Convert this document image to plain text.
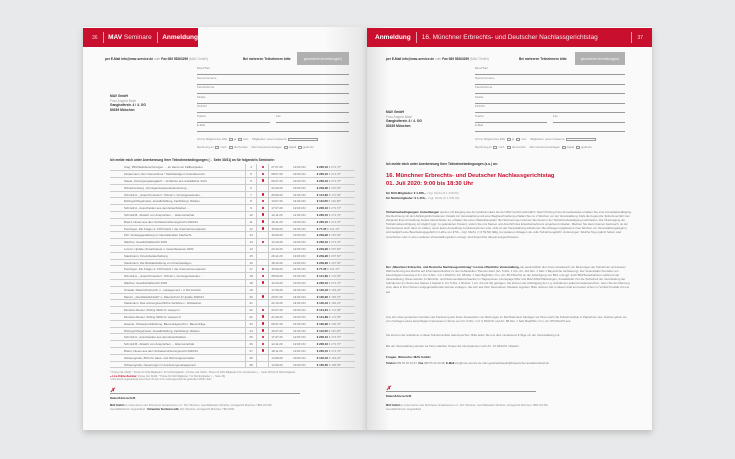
36 MAV
Seminare Anmeldung
per E-Mail info@mav-service.de oder Fax 089 55263299 (MAV GmbH)	Bei mehreren Teilnehmern bitte	gesonderte Anmeldung(en)
MAV GmbH
Frau Angela Basil
Ganghoferstr. 4 / 4. OG
80339 München
Ich bin Mitglied des DAV ja nein Mitgliedsnr. (wenn bekannt)
Rechnung an mich	die Kanzlei Mein Seminarunterlagen digital gedruckt
Ich melde mich unter Anerkennung Ihrer Teilnahmebedingungen (→ Seite 30/31) an für folgende/s Seminar/e:
	Arag, Pflichtteilsberechnungen … an Hand von Fallbeispielen	4		07.07.20	13:00 Uhr	€ 226,10 € 273,70*
	Kindermann, Der Unternehmer / Selbständige im Familienrecht	5		08.07.20	13:00 Uhr	€ 226,10 € 273,70*
	Steele, Versorgungsausgleich – Verfahren aus anwaltlicher Sicht	5		09.07.20	13:00 Uhr	€ 226,10 € 273,70*
	Schwarzenberg, Vermögensauseinandersetzung …	6		22.09.20	13:00 Uhr	€ 249,90 € 297,50*
	Schmidt A., „Asset Protection“: Schutz v. Vermögenswerten …	7		29.09.20	14:00 Uhr	€ 141,60 € 172,55*
	Ritzinger/Ziegelmeier, Anwaltshaftung, Fachübergr. Risiken	8		13.07.20	14:00 Uhr	€ 112,05 € 136,85*
	Schmidt A., Ausscheiden aus dem Erwerbsleben …	9		17.07.20	12:00 Uhr	€ 226,10 € 273,70*
	Schmidt B., Abwehr von Ansprüchen … Elternunterhalt	10		12.11.20	12:30 Uhr	€ 226,10 € 273,70*
	Brand, Neues aus dem Sozialversicherungsrecht 2020/21	11		18.11.20	13:00 Uhr	€ 226,10 € 273,70*
	Poertzgen, Die Folgen d. COVInsAG f. die Unternehmenspraxis	12		15.09.20	14:00 Uhr	€ 77,35 € 101,15*
	Pitz, Vertragsgestaltung im internationalen Kaufrecht	13		16.09.20	13:00 Uhr	€ 249,90 € 297,50*
	Wachter, Gesellschaftsrecht 2020	13		13.10.20	13:00 Uhr	€ 226,10 € 273,70*
	Lorenz, Update Umsatzsteuer u. Gewerbesteuer 2020	14		23.10.20	13:00 Uhr	€ 249,90 € 297,50*
	Stackmann, Finanzberaterhaftung	15		29.11.20	13:00 Uhr	€ 249,90 € 297,50*
	Stackmann, Die Rückabwicklung von Finanzanlagen	16		18.12.20	13:00 Uhr	€ 249,90 € 297,50*
	Poertzgen, Die Folgen d. COVInsAG f. die Unternehmenspraxis	17		15.09.20	14:00 Uhr	€ 77,35 € 101,15*
	Schmidt A., „Asset Protection“: Schutz v. Vermögenswerten …	18		28.09.20	14:00 Uhr	€ 141,60 € 172,55*
	Wachter, Gesellschaftsrecht 2020	18		13.10.20	13:00 Uhr	€ 226,10 € 273,70*
	Onasak, Datenschutzrecht u. -management i. d. RA-Kanzlei	19		17.09.20	14:00 Uhr	€ 140,42 € 184,22*
	Marum, „Identitätsdiebstahl“ u. Datenschutz & Update 2020/21	20		20.07.20	14:00 Uhr	€ 130,90 € 156,70*
	Stackmann, Das ordnungsrechtliche Verfahren i. Zivilsachen	21		22.10.20	14:00 Uhr	€ 140,42 € 184,22*
	Monteiro-Reuter, Writing Skills for Lawyers I	22		20.07.20	13:00 Uhr	€ 141,61 € 172,58*
	Monteiro-Reuter, Writing Skills for Lawyers II	22		21.09.20	13:00 Uhr	€ 141,89 € 172,55*
	Hauerer, Schwerpunktfindung, Bauvertragsrecht u. Bauverträge	23		09.07.20	14:00 Uhr	€ 130,90 € 156,70*
	Ritzinger/Ziegelmeier, Anwaltshaftung, Fachübergr. Risiken	24		15.07.20	14:00 Uhr	€ 112,05 € 136,85*
	Schmidt A., Ausscheiden aus dem Erwerbsleben …	25		17.07.20	12:00 Uhr	€ 226,10 € 273,70*
	Schmidt B., Abwehr von Ansprüchen … Elternunterhalt	26		12.11.20	12:30 Uhr	€ 226,10 € 273,70*
	Brand, Neues aus dem Sozialversicherungsrecht 2020/21	27		18.11.20	13:00 Uhr	€ 226,10 € 273,70*
	Schaumgrube, BVG für Haus- und Wohnungsverwalter	28		14.08.20	10:00 Uhr	€ 140,42 € 184,22*
	Schaumgrube, Neuerungen im Forderungsmanagement	28		14.09.20	13:00 Uhr	€ 160,65 € 185,55*
* Preise inkl. MwSt. * Preise für DAV-Mitglieder / für Nichtmitglieder; 1 Preise inkl. MwSt., Preise für DAV-Mitglieder bzw. Sonderpreis (→ Seite 30/31) für Nichtmitglieder
● Live-Online-Seminar; Preise inkl. MwSt. * Preise für DAV-Mitglieder / für Nichtmitglieder (→ Seite 33)
¹) Die Rechnungsstellung berechnet mit dem zum Leistungszeitpunkt geltenden MwSt.-Satz
✗
Datum/Unterschrift
MAV GmbH ein Unternehmen des Münchener Anwaltvereins e.V., Sitz: München, Geschäftsstelle: München, Amtsgericht München, HRB 133 346,
Geschäftsführerin: Angela Basil · Schweitzer Sortiment oHG, Sitz: München, Amtsgericht München, HRA 6399
Beruf/Titel
Name/Vorname
Kanzlei/Firma
Straße
PLZ/Ort
Fax
Telefon
E-Mail
Anmeldung 16. Münchner Erbrechts- und Deutscher Nachlassgerichtstag	37
per E-Mail info@mav-service.de oder Fax 089 55263299 (MAV GmbH)	Bei mehreren Teilnehmern bitte	gesonderte Anmeldung(en)
MAV GmbH
Frau Angela Basil
Ganghoferstr. 4 / 4. OG
80339 München
Ich bin Mitglied des DAV ja nein Mitgliedsnr. (wenn bekannt)
Rechnung an mich	die Kanzlei Mein Seminarunterlagen digital gedruckt
Ich melde mich unter Anerkennung Ihrer Teilnahmebedingungen (s.u.) an:
16. Münchner Erbrechts- und Deutscher Nachlassgerichtstag
01. Juli 2020: 9:00 bis 18:30 Uhr
für DAV-Mitglieder: € 1.356,– zzgl. MwSt (€ 1.428,50)
für Nichtmitglieder: € 1.450,– zzgl. MwSt (€ 1.505,00)
Teilnahmebedingungen: Anmeldungen werden mit Eingang des Anmeldeformulars bei der MAV GmbH verbindlich. Nach Prüfung Ihres Anmeldestatus erhalten Sie eine Anmeldebestätigung. Die Rechnung mit den Zahlungsinformationen, Details zur Veranstaltung und eine Wegbeschreibung erhalten Sie ca. 2 Wochen vor der Veranstaltung. Falls die begrenzte Teilnehmerzahl zum Zeitpunkt Ihrer Anmeldung bereits überschritten ist, erhalten Sie einen Wartelistenplatz. Bei Stornierungen können Sie bereit in der Teilnahmebestätigung nachrücken. Die Übertragung der Teilnahmeberechtigung ist möglich (ggf. zu geänderten Kosten), sofern Sie uns Namen und Anschrift des Ersatzteilnehmers umgehend mitteilen. Machen Sie davon keinen Gebrauch, ist der Seminarpreis auch dann zu zahlen, wenn keine Anmeldung zurückzunehmen oder nicht an der Veranstaltung teilnehmen. Bei Absagen (spätestens zwei Wochen vor Veranstaltungsbeginn) wird lediglich eine Bearbeitungsgebühr in Höhe von € 50,– zzgl. MwSt. (= € 59,50) fällig, bei späteren Absagen die volle Teilnahmegebühr. Änderungen: Welche Tag ergänzt haben oder verschoben oder in einen anderen Veranstaltungsraum verlegt, sind Ansprüche daraus ausgeschlossen.
Der „Münchner Erbrechts- und Deutsche Nachlassgerichtstag“ ist eine öffentliche Veranstaltung, die ausdrücklich dem freien Austausch von Meinungen der Teilnehmer und dessen Wahrnehmung des Rechts auf Informationsfreiheit zu den behandelten Themen dient (Art. 5 Abs. 1 GG, Art. 110 Abs. 1 Satz 1 Bayerische Verfassung). Der Veranstalter hat daher ein berechtigtes Interesse (i.S.v. Art. 6 Abs. 1 lit. f DSGVO, Art. 88 Abs. 1 Satz BayDSG i.V.m. Art. 85 DSGVO) an der Anfertigung von Bild- und ggf. auch Bild/Tonaufnahmen während der Veranstaltung. Diese werden zu Berichts- und Dokumentationszwecken in Tagespresse, Homepage MAV und MAV-/MAV-Mitteilungen, Anwaltsblatt. Für die Sicherheit der Verarbeitung der Aufnahmen (im Sinne des Satzes 1 Kapitel 3, Art. 5 Abs. 1 Buchst. f, Art. 24 und 32) getragen. Sie können der Anfertigung der o.g. Aufnahmen jederzeit widersprechen, wenn Sie der Meinung sind, dass in Ihrer Person entgegenstehende Gründe vorliegen, die sich aus Ihrer besonderen Situation ergeben. Bitte nehmen Sie in diesem Fall am besten schon im Vorfeld Kontakt mit uns auf.
Aus den oben genannten Gründen der Förderung des freien Austauschs von Meinungen im Rechtskontext händigen wir Ihnen auch die Teilnehmerliste in Papierform aus. Hierbei gehen wir vom Vorliegen eines berechtigten Interesses im Sinne von Art. 6 Abs. 1 lit. f) DSGVO und Art. 88 Abs. 1 Satz BayDSG i.V.m. Art. 85 DSGVO aus.
Sie können der Aufnahme in diese Teilnehmerliste widersprechen. Bitte teilen Sie uns dies mindestens 8 Tage vor der Veranstaltung mit.
Bei der Veranstaltung werden wir Ihnen darüber hinaus die Informationen nach Art. 13 DSGVO mitteilen.
Fragen, Wünsche: MAV GmbH
Telefon 089 55 26 33-97, Fax 089 55 26 33-98, E-Mail info@mav-service.de oder geschaeftsstelle@bayerischer-anwaltverband.de
✗
Datum/Unterschrift
MAV GmbH ein Unternehmen des Münchener Anwaltvereins e.V., Sitz: München, Geschäftsstelle: München, Amtsgericht München, HRB 133 346,
Geschäftsführerin: Angela Basil
Beruf/Titel
Name/Vorname
Kanzlei/Firma
Straße
PLZ/Ort
Fax
Telefon
E-Mail
